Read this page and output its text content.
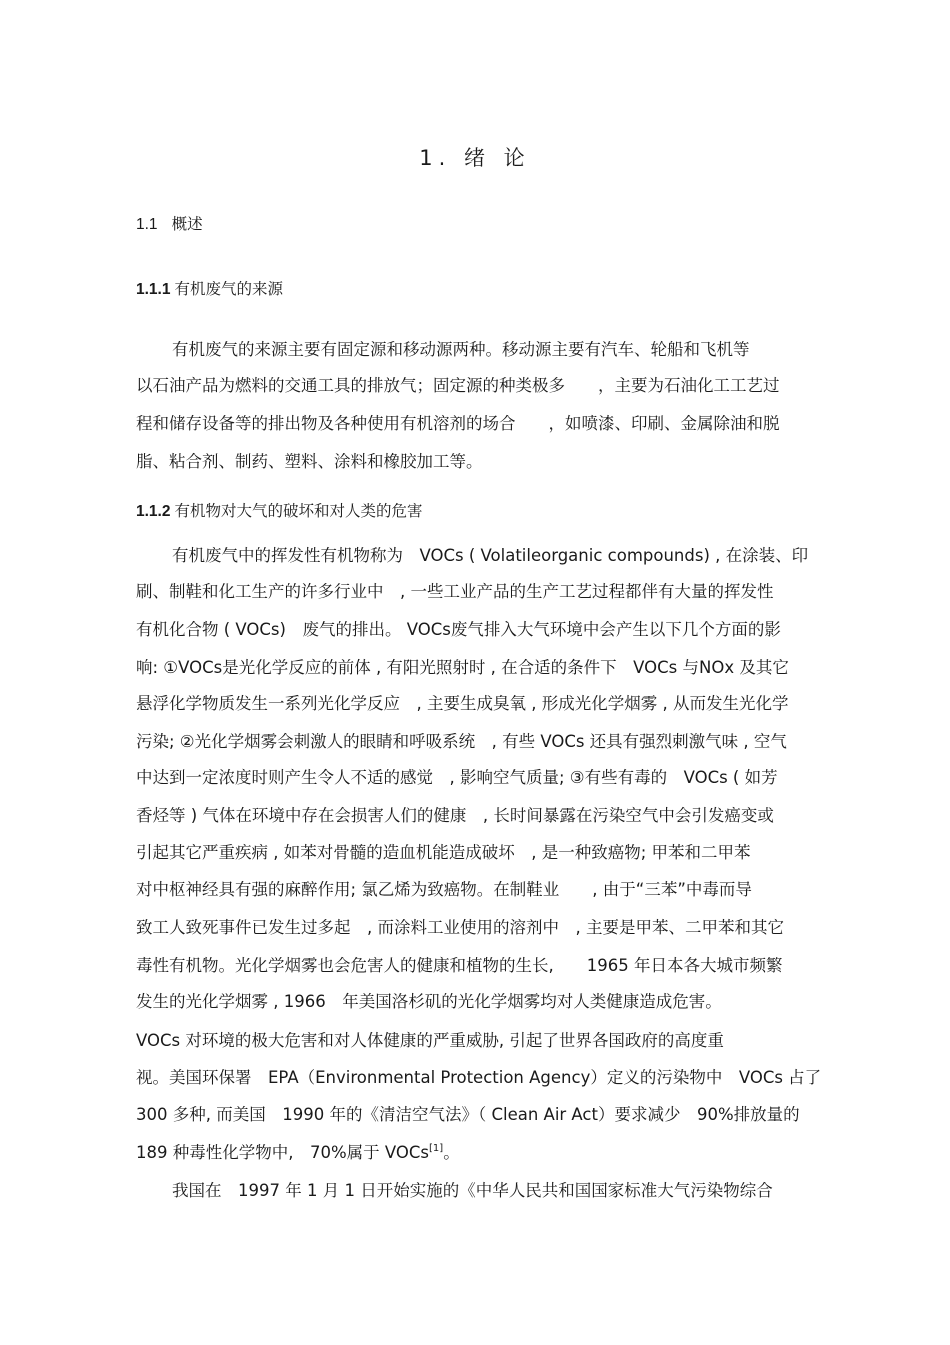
1. 绪 论
1.1 概述
1.1.1 有机废气的来源
有机废气的来源主要有固定源和移动源两种。移动源主要有汽车、轮船和飞机等
以石油产品为燃料的交通工具的排放气；固定源的种类极多　　，主要为石油化工工艺过
程和储存设备等的排出物及各种使用有机溶剂的场合　　，如喷漆、印刷、金属除油和脱
脂、粘合剂、制药、塑料、涂料和橡胶加工等。
1.1.2 有机物对大气的破坏和对人类的危害
有机废气中的挥发性有机物称为　VOCs ( Volatileorganic compounds) , 在涂装、印
刷、制鞋和化工生产的许多行业中　, 一些工业产品的生产工艺过程都伴有大量的挥发性
有机化合物 ( VOCs)　废气的排出。 VOCs废气排入大气环境中会产生以下几个方面的影
响: ①VOCs是光化学反应的前体 , 有阳光照射时 , 在合适的条件下　VOCs 与NOx 及其它
悬浮化学物质发生一系列光化学反应　, 主要生成臭氧 , 形成光化学烟雾 , 从而发生光化学
污染; ②光化学烟雾会刺激人的眼睛和呼吸系统　, 有些 VOCs 还具有强烈刺激气味 , 空气
中达到一定浓度时则产生令人不适的感觉　, 影响空气质量; ③有些有毒的　VOCs ( 如芳
香烃等 ) 气体在环境中存在会损害人们的健康　, 长时间暴露在污染空气中会引发癌变或
引起其它严重疾病 , 如苯对骨髓的造血机能造成破坏　, 是一种致癌物; 甲苯和二甲苯
对中枢神经具有强的麻醉作用; 氯乙烯为致癌物。在制鞋业　　, 由于“三苯”中毒而导
致工人致死事件已发生过多起　, 而涂料工业使用的溶剂中　, 主要是甲苯、二甲苯和其它
毒性有机物。光化学烟雾也会危害人的健康和植物的生长,　　1965 年日本各大城市频繁
发生的光化学烟雾 , 1966　年美国洛杉矶的光化学烟雾均对人类健康造成危害。
VOCs 对环境的极大危害和对人体健康的严重威胁, 引起了世界各国政府的高度重
视。美国环保署　EPA（Environmental Protection Agency）定义的污染物中　VOCs 占了
300 多种, 而美国　1990 年的《清洁空气法》（ Clean Air Act）要求减少　90%排放量的
189 种毒性化学物中,　70%属于 VOCs[1]。
我国在　1997 年 1 月 1 日开始实施的《中华人民共和国国家标准大气污染物综合
